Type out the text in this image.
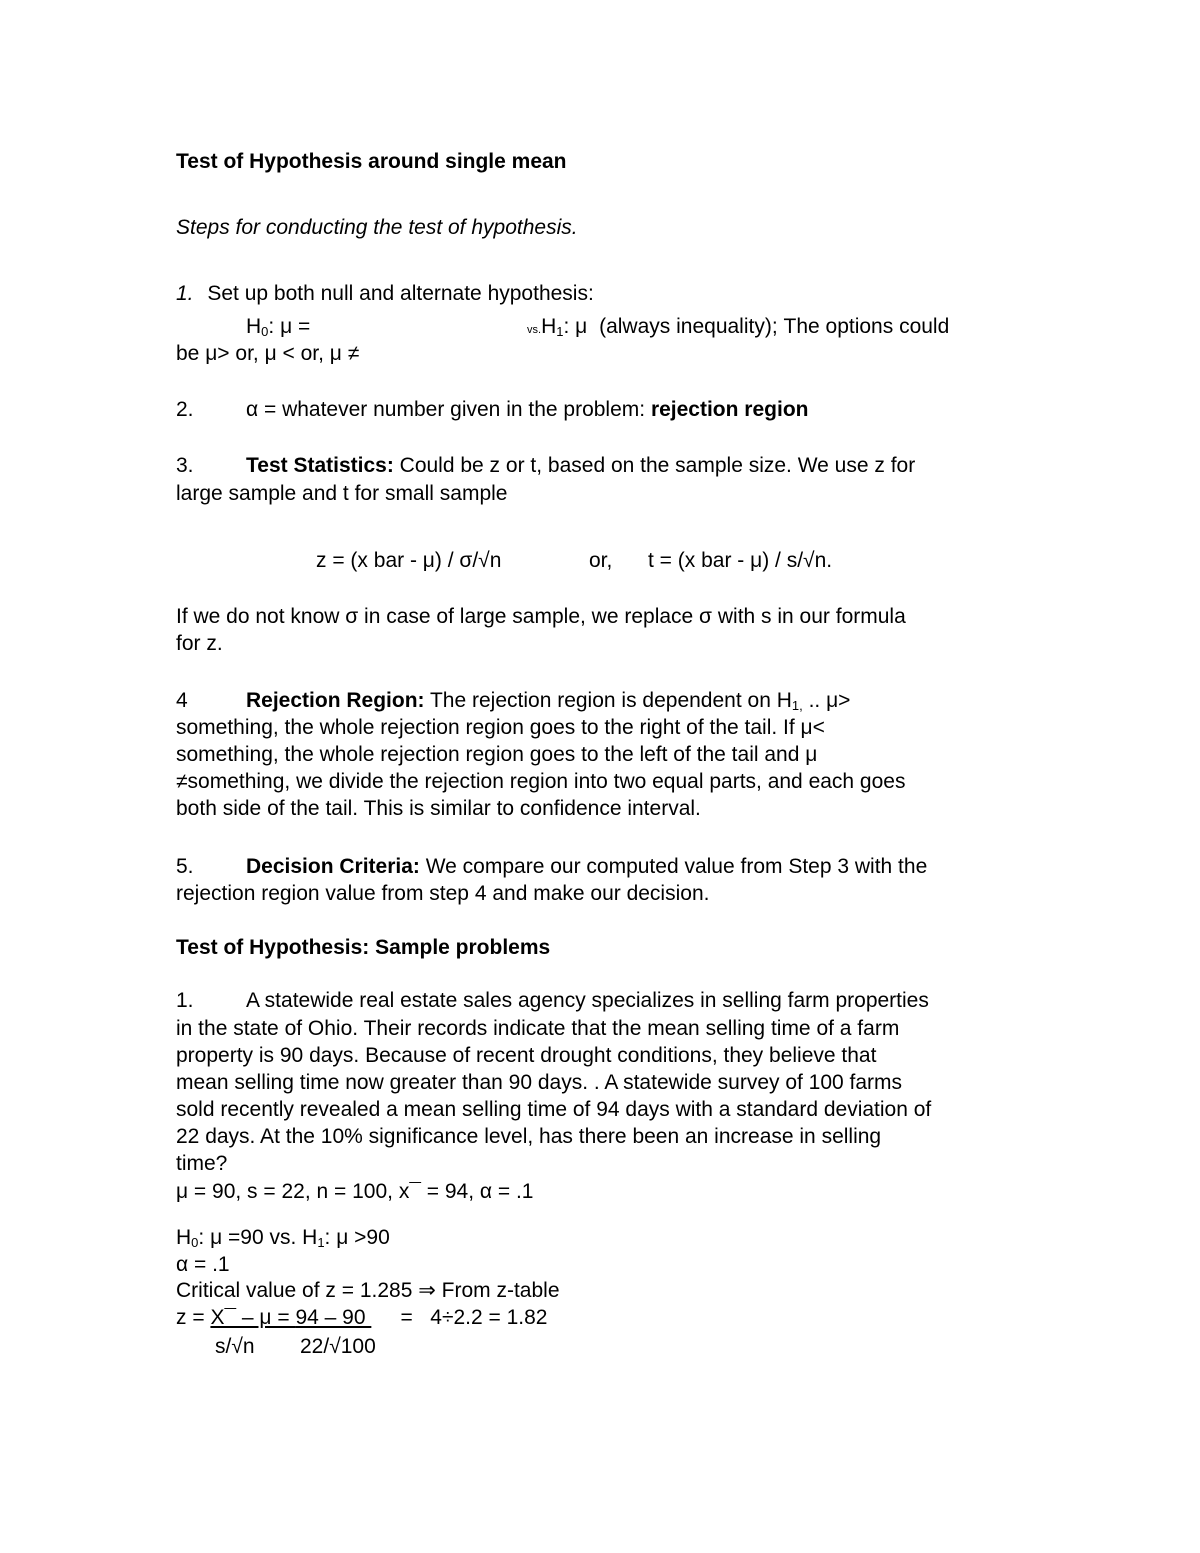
Test of Hypothesis around single mean
Steps for conducting the test of hypothesis.
1. Set up both null and alternate hypothesis:
$H_0$: μ =	$vs.H_1$: μ (always inequality); The options could
be μ> or, μ < or, μ ≠
2. α = whatever number given in the problem: rejection region
3. Test Statistics: Could be z or t, based on the sample size. We use z for
large sample and t for small sample
z = (x bar - μ) / σ/√n	or, t = (x bar - μ) / s/√n.
If we do not know σ in case of large sample, we replace σ with s in our formula
for z.
4	Rejection Region: The rejection region is dependent on $H_{1,}$ .. μ>
something, the whole rejection region goes to the right of the tail. If μ<
something, the whole rejection region goes to the left of the tail and μ
≠something, we divide the rejection region into two equal parts, and each goes
both side of the tail. This is similar to confidence interval.
5. Decision Criteria: We compare our computed value from Step 3 with the
rejection region value from step 4 and make our decision.
Test of Hypothesis: Sample problems
1. A statewide real estate sales agency specializes in selling farm properties
in the state of Ohio. Their records indicate that the mean selling time of a farm
property is 90 days. Because of recent drought conditions, they believe that
mean selling time now greater than 90 days. . A statewide survey of 100 farms
sold recently revealed a mean selling time of 94 days with a standard deviation of
22 days. At the 10% significance level, has there been an increase in selling
time?
μ = 90, s = 22, n = 100, x¯ = 94, α = .1
$H_0$: μ =90 vs. $H_1$: μ >90
α = .1
Critical value of z = 1.285 ⇒ From z-table
z = X¯ – μ = 94 – 90      =   4÷2.2 = 1.82
s/√n 22/√100
